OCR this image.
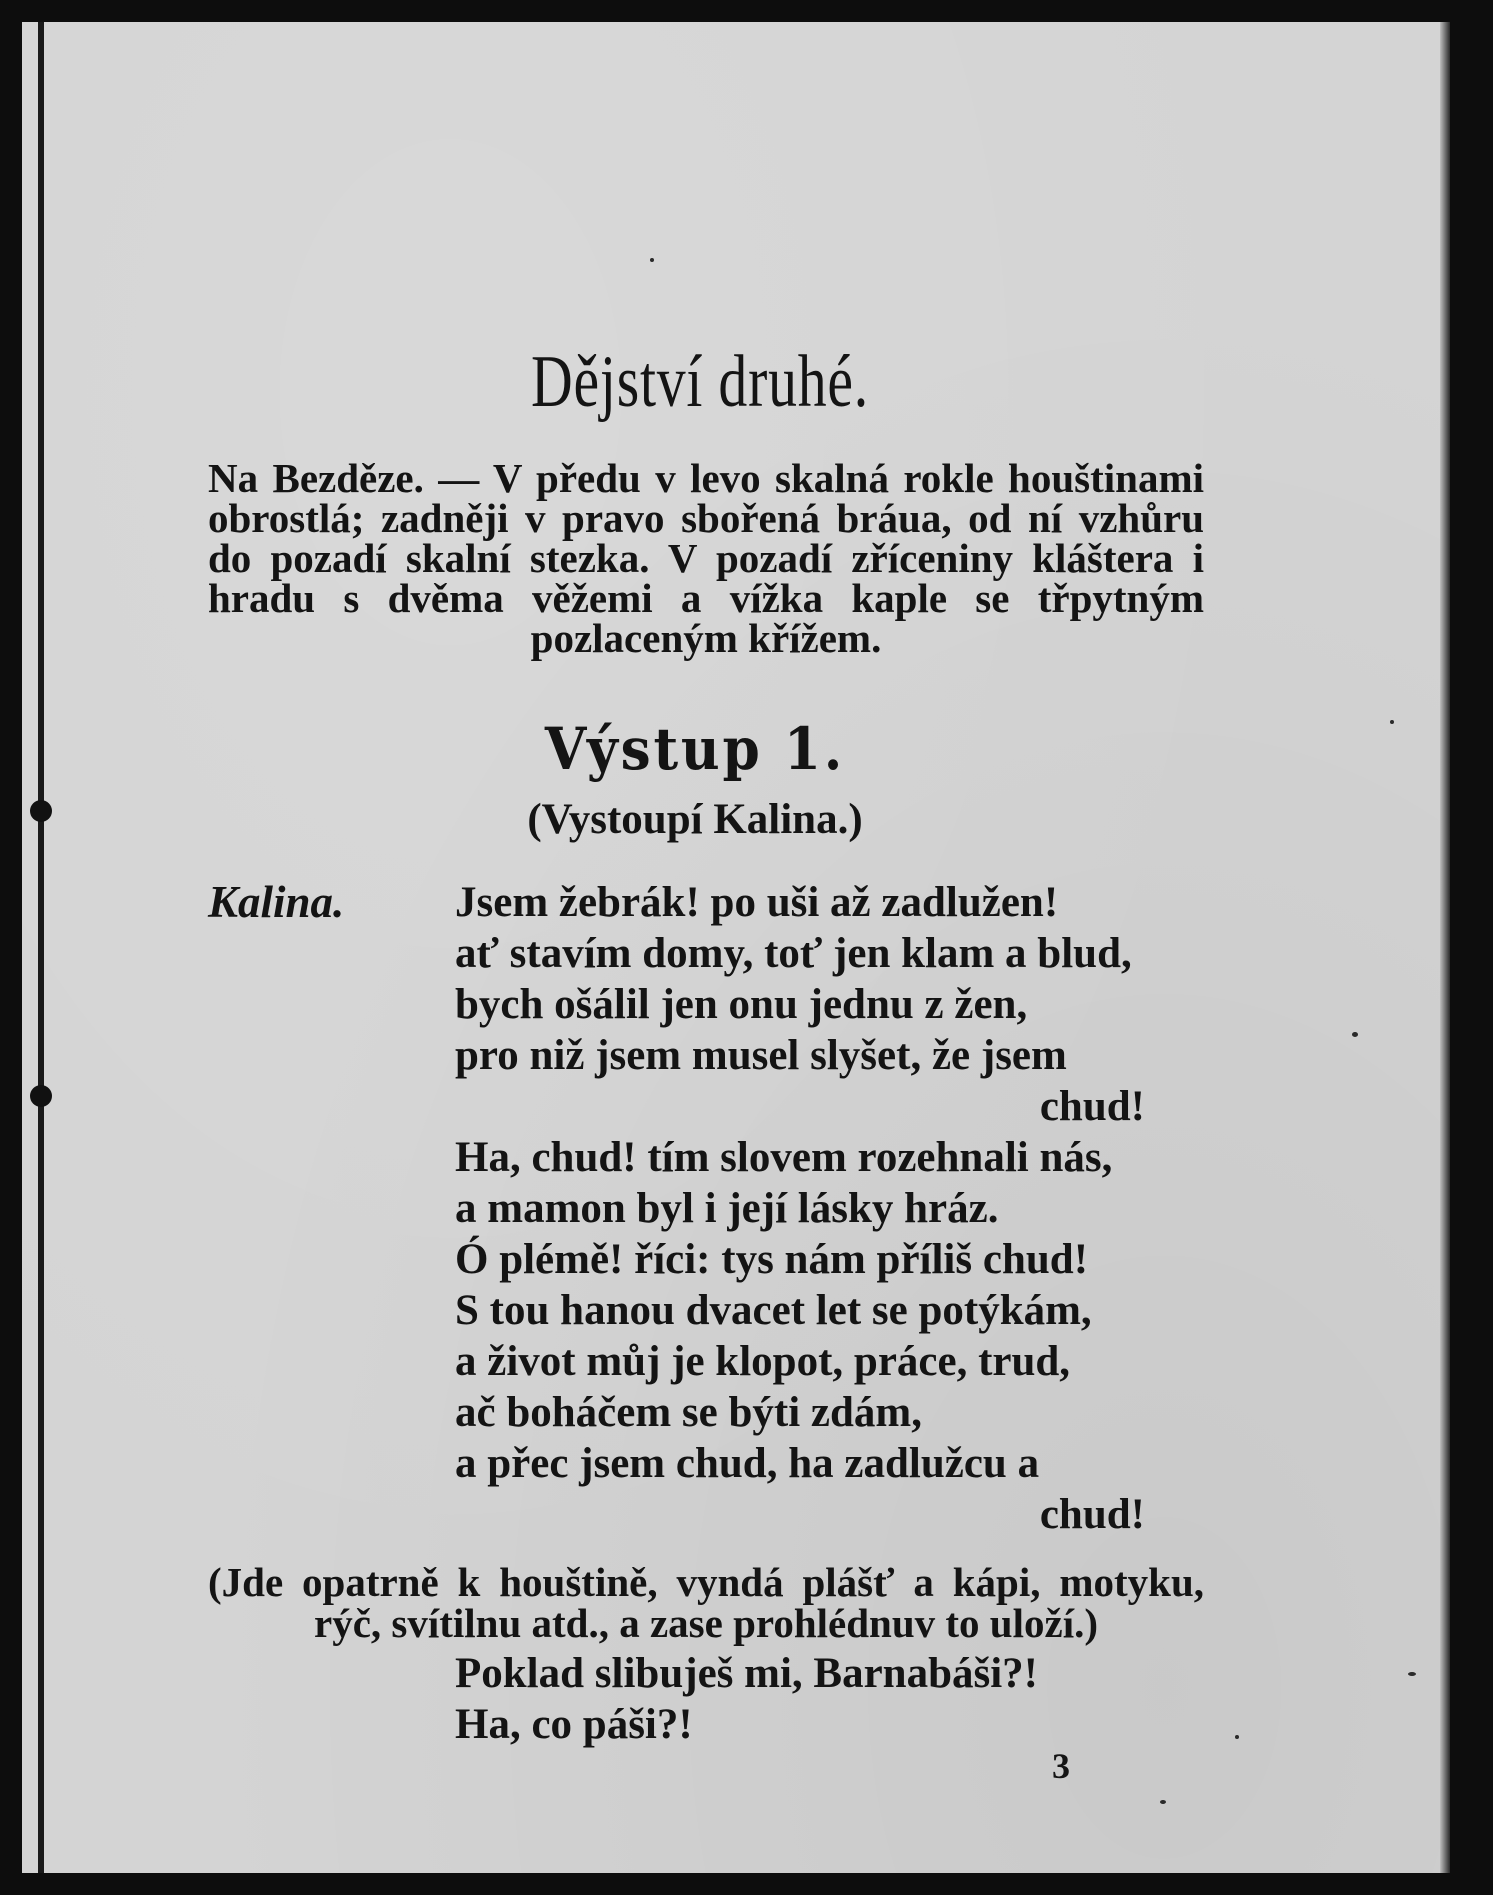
Dějství druhé.
Na Bezděze. — V předu v levo skalná rokle houštinami obrostlá; zadněji v pravo sbořená bráua, od ní vzhůru do pozadí skalní stezka. V pozadí zříceniny kláštera i hradu s dvěma věžemi a vížka kaple se třpytným pozlaceným křížem.
Výstup 1.
(Vystoupí Kalina.)
Kalina.	Jsem žebrák! po uši až zadlužen!
ať stavím domy, toť jen klam a blud,
bych ošálil jen onu jednu z žen,
pro niž jsem musel slyšet, že jsem
chud!
Ha, chud! tím slovem rozehnali nás,
a mamon byl i její lásky hráz.
Ó plémě! říci: tys nám příliš chud!
S tou hanou dvacet let se potýkám,
a život můj je klopot, práce, trud,
ač boháčem se býti zdám,
a přec jsem chud, ha zadlužcu a
chud!
(Jde opatrně k houštině, vyndá plášť a kápi, motyku, rýč, svítilnu atd., a zase prohlédnuv to uloží.)
Poklad slibuješ mi, Barnabáši?!
Ha, co páši?!
3
